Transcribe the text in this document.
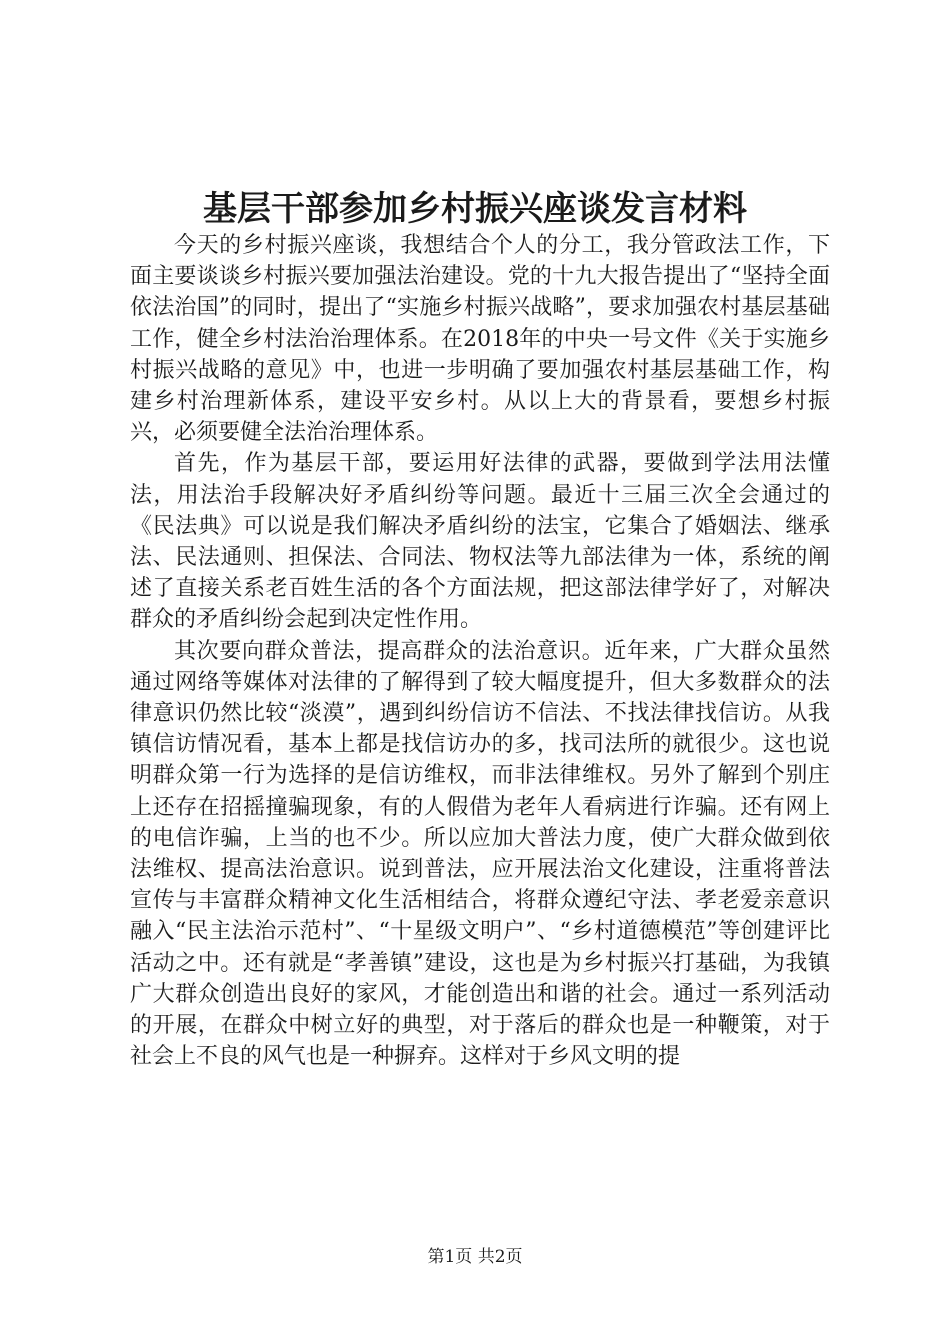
基层干部参加乡村振兴座谈发言材料

今天的乡村振兴座谈，我想结合个人的分工，我分管政法工作，下面主要谈谈乡村振兴要加强法治建设。党的十九大报告提出了“坚持全面依法治国”的同时，提出了“实施乡村振兴战略”，要求加强农村基层基础工作，健全乡村法治治理体系。在2018年的中央一号文件《关于实施乡村振兴战略的意见》中，也进一步明确了要加强农村基层基础工作，构建乡村治理新体系，建设平安乡村。从以上大的背景看，要想乡村振兴，必须要健全法治治理体系。

首先，作为基层干部，要运用好法律的武器，要做到学法用法懂法，用法治手段解决好矛盾纠纷等问题。最近十三届三次全会通过的《民法典》可以说是我们解决矛盾纠纷的法宝，它集合了婚姻法、继承法、民法通则、担保法、合同法、物权法等九部法律为一体，系统的阐述了直接关系老百姓生活的各个方面法规，把这部法律学好了，对解决群众的矛盾纠纷会起到决定性作用。

其次要向群众普法，提高群众的法治意识。近年来，广大群众虽然通过网络等媒体对法律的了解得到了较大幅度提升，但大多数群众的法律意识仍然比较“淡漠”，遇到纠纷信访不信法、不找法律找信访。从我镇信访情况看，基本上都是找信访办的多，找司法所的就很少。这也说明群众第一行为选择的是信访维权，而非法律维权。另外了解到个别庄上还存在招摇撞骗现象，有的人假借为老年人看病进行诈骗。还有网上的电信诈骗，上当的也不少。所以应加大普法力度，使广大群众做到依法维权、提高法治意识。说到普法，应开展法治文化建设，注重将普法宣传与丰富群众精神文化生活相结合，将群众遵纪守法、孝老爱亲意识融入“民主法治示范村”、“十星级文明户”、“乡村道德模范”等创建评比活动之中。还有就是“孝善镇”建设，这也是为乡村振兴打基础，为我镇广大群众创造出良好的家风，才能创造出和谐的社会。通过一系列活动的开展，在群众中树立好的典型，对于落后的群众也是一种鞭策，对于社会上不良的风气也是一种摒弃。这样对于乡风文明的提

第1页 共2页
